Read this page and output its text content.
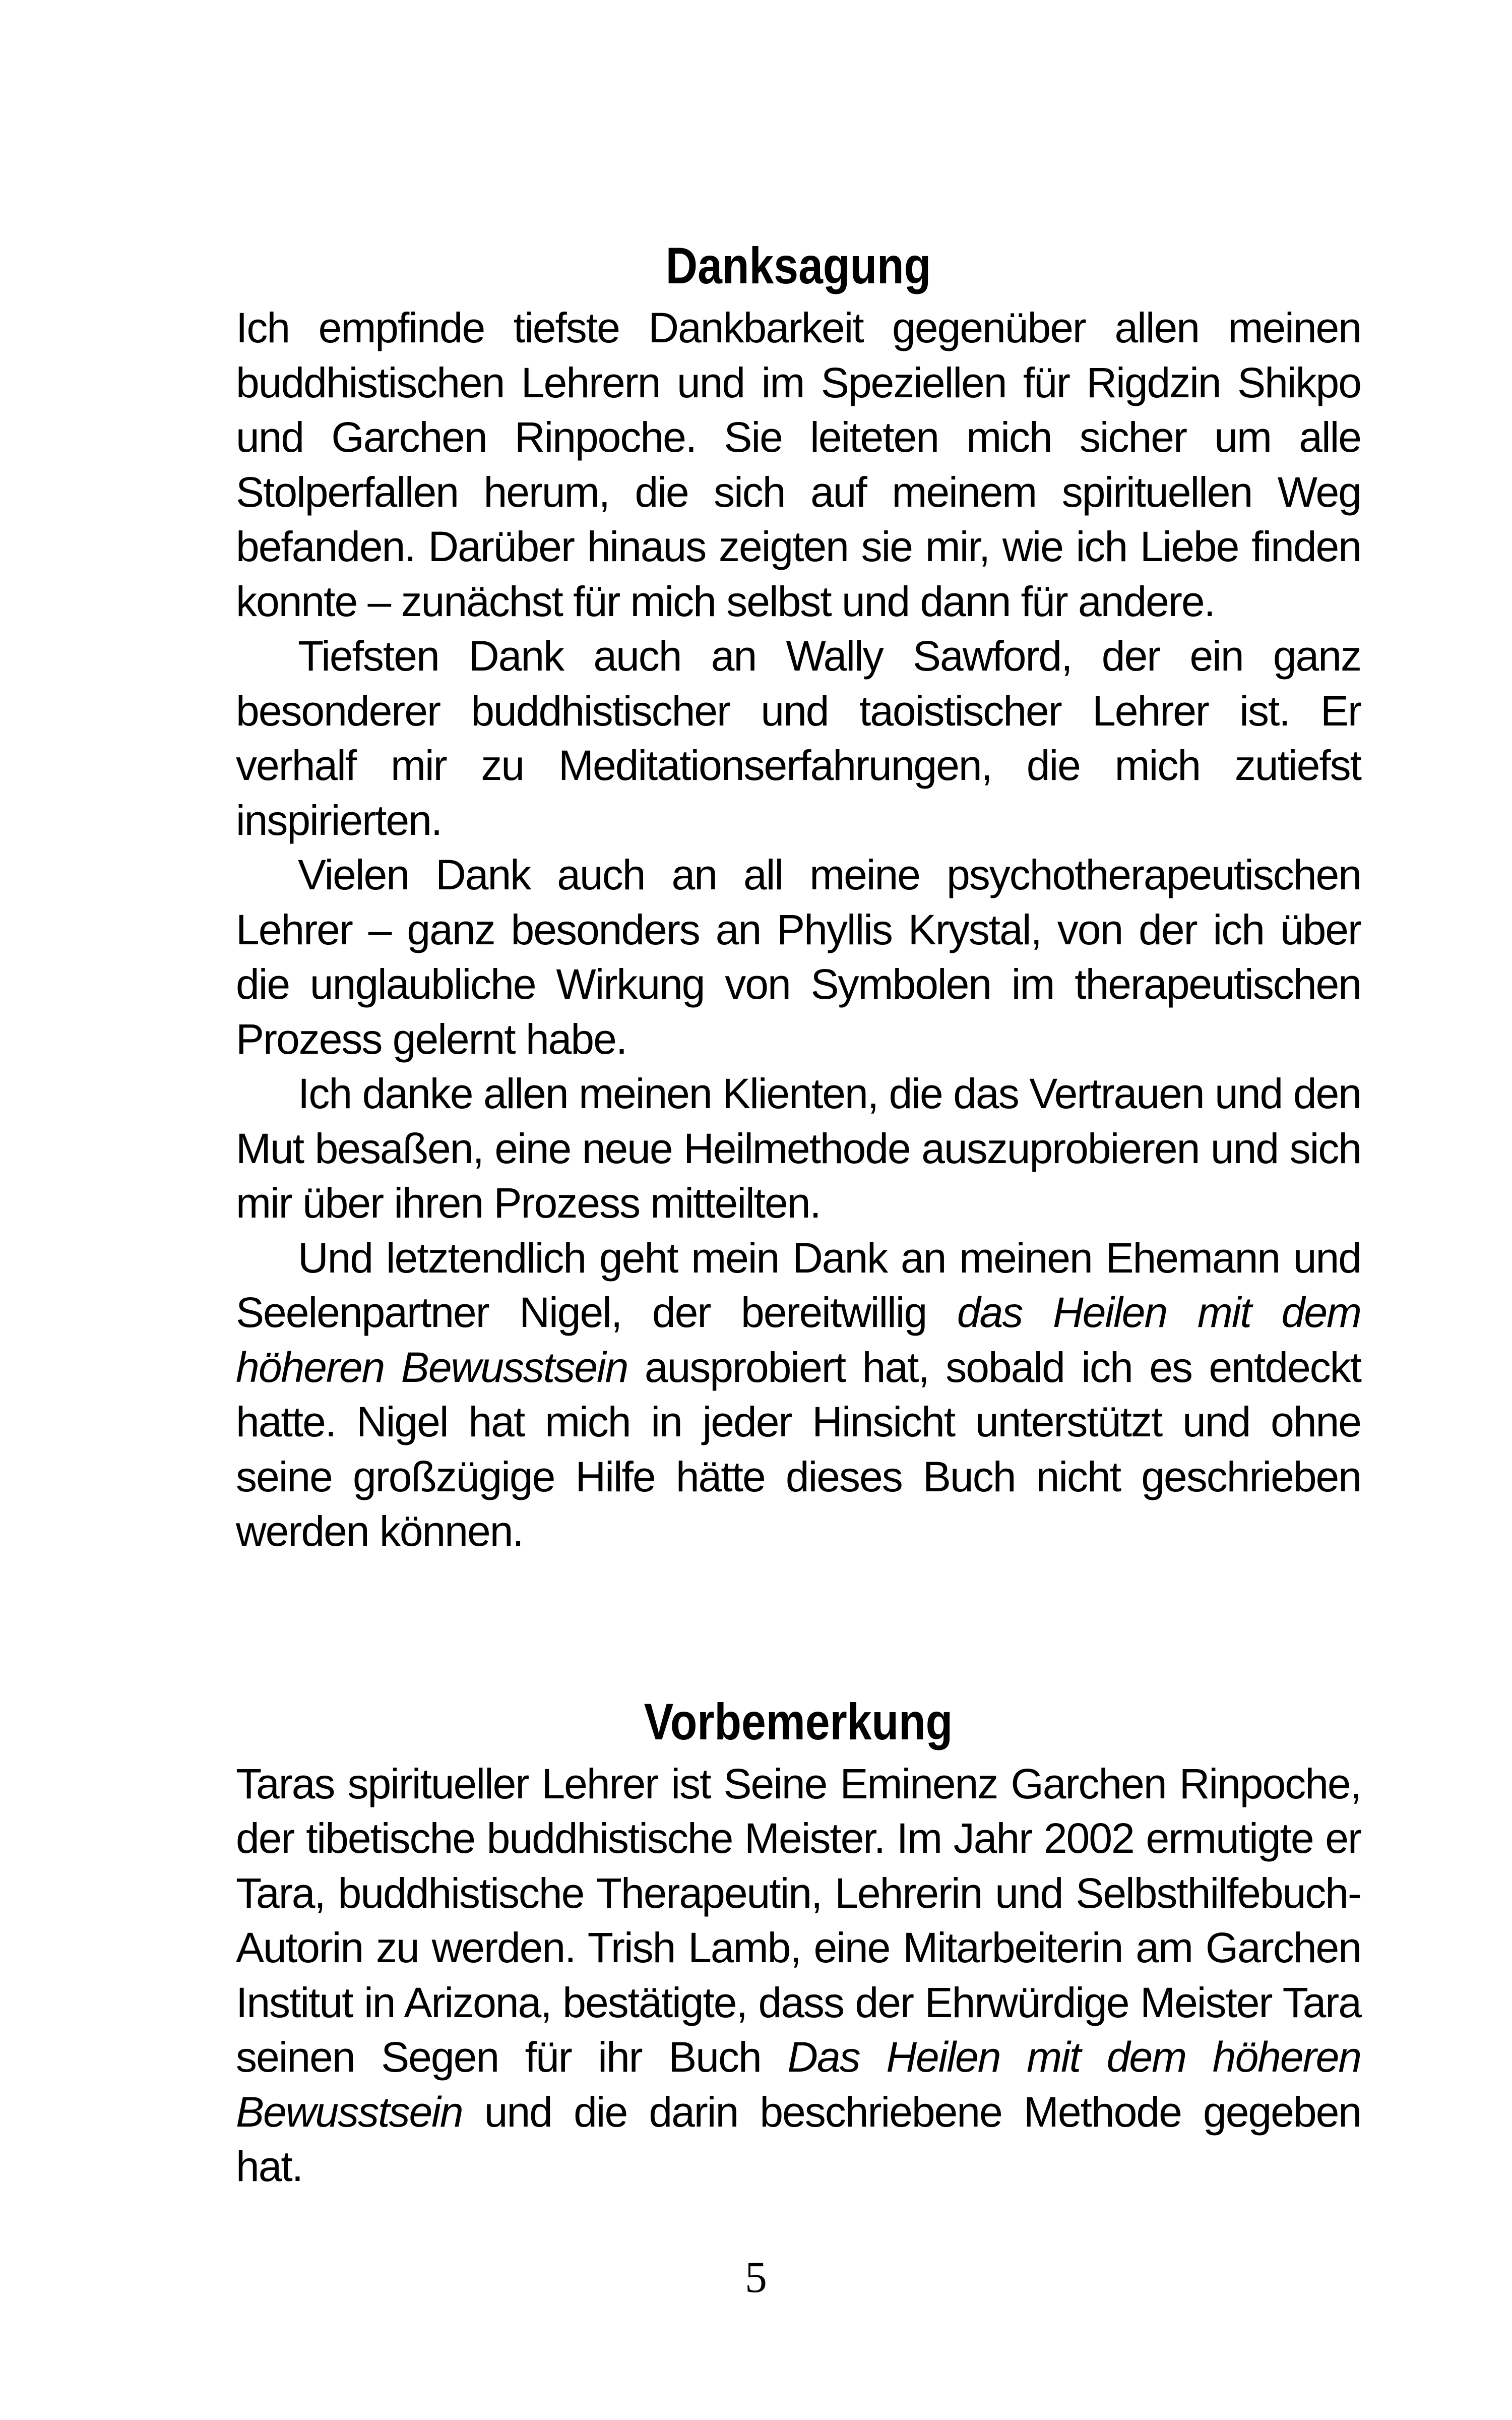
Danksagung

Ich empfinde tiefste Dankbarkeit gegenüber allen meinen buddhistischen Lehrern und im Speziellen für Rigdzin Shikpo und Garchen Rinpoche. Sie leiteten mich sicher um alle Stolperfallen herum, die sich auf meinem spirituellen Weg befanden. Darüber hinaus zeigten sie mir, wie ich Liebe finden konnte – zunächst für mich selbst und dann für andere.

Tiefsten Dank auch an Wally Sawford, der ein ganz besonderer buddhistischer und taoistischer Lehrer ist. Er verhalf mir zu Meditationserfahrungen, die mich zutiefst inspirierten.

Vielen Dank auch an all meine psychotherapeutischen Lehrer – ganz besonders an Phyllis Krystal, von der ich über die unglaubliche Wirkung von Symbolen im therapeutischen Prozess gelernt habe.

Ich danke allen meinen Klienten, die das Vertrauen und den Mut besaßen, eine neue Heilmethode auszuprobieren und sich mir über ihren Prozess mitteilten.

Und letztendlich geht mein Dank an meinen Ehemann und Seelenpartner Nigel, der bereitwillig das Heilen mit dem höheren Bewusstsein ausprobiert hat, sobald ich es entdeckt hatte. Nigel hat mich in jeder Hinsicht unterstützt und ohne seine großzügige Hilfe hätte dieses Buch nicht geschrieben werden können.

Vorbemerkung

Taras spiritueller Lehrer ist Seine Eminenz Garchen Rinpoche, der tibetische buddhistische Meister. Im Jahr 2002 ermutigte er Tara, buddhistische Therapeutin, Lehrerin und Selbsthilfebuch-Autorin zu werden. Trish Lamb, eine Mitarbeiterin am Garchen Institut in Arizona, bestätigte, dass der Ehrwürdige Meister Tara seinen Segen für ihr Buch Das Heilen mit dem höheren Bewusstsein und die darin beschriebene Methode gegeben hat.

5
